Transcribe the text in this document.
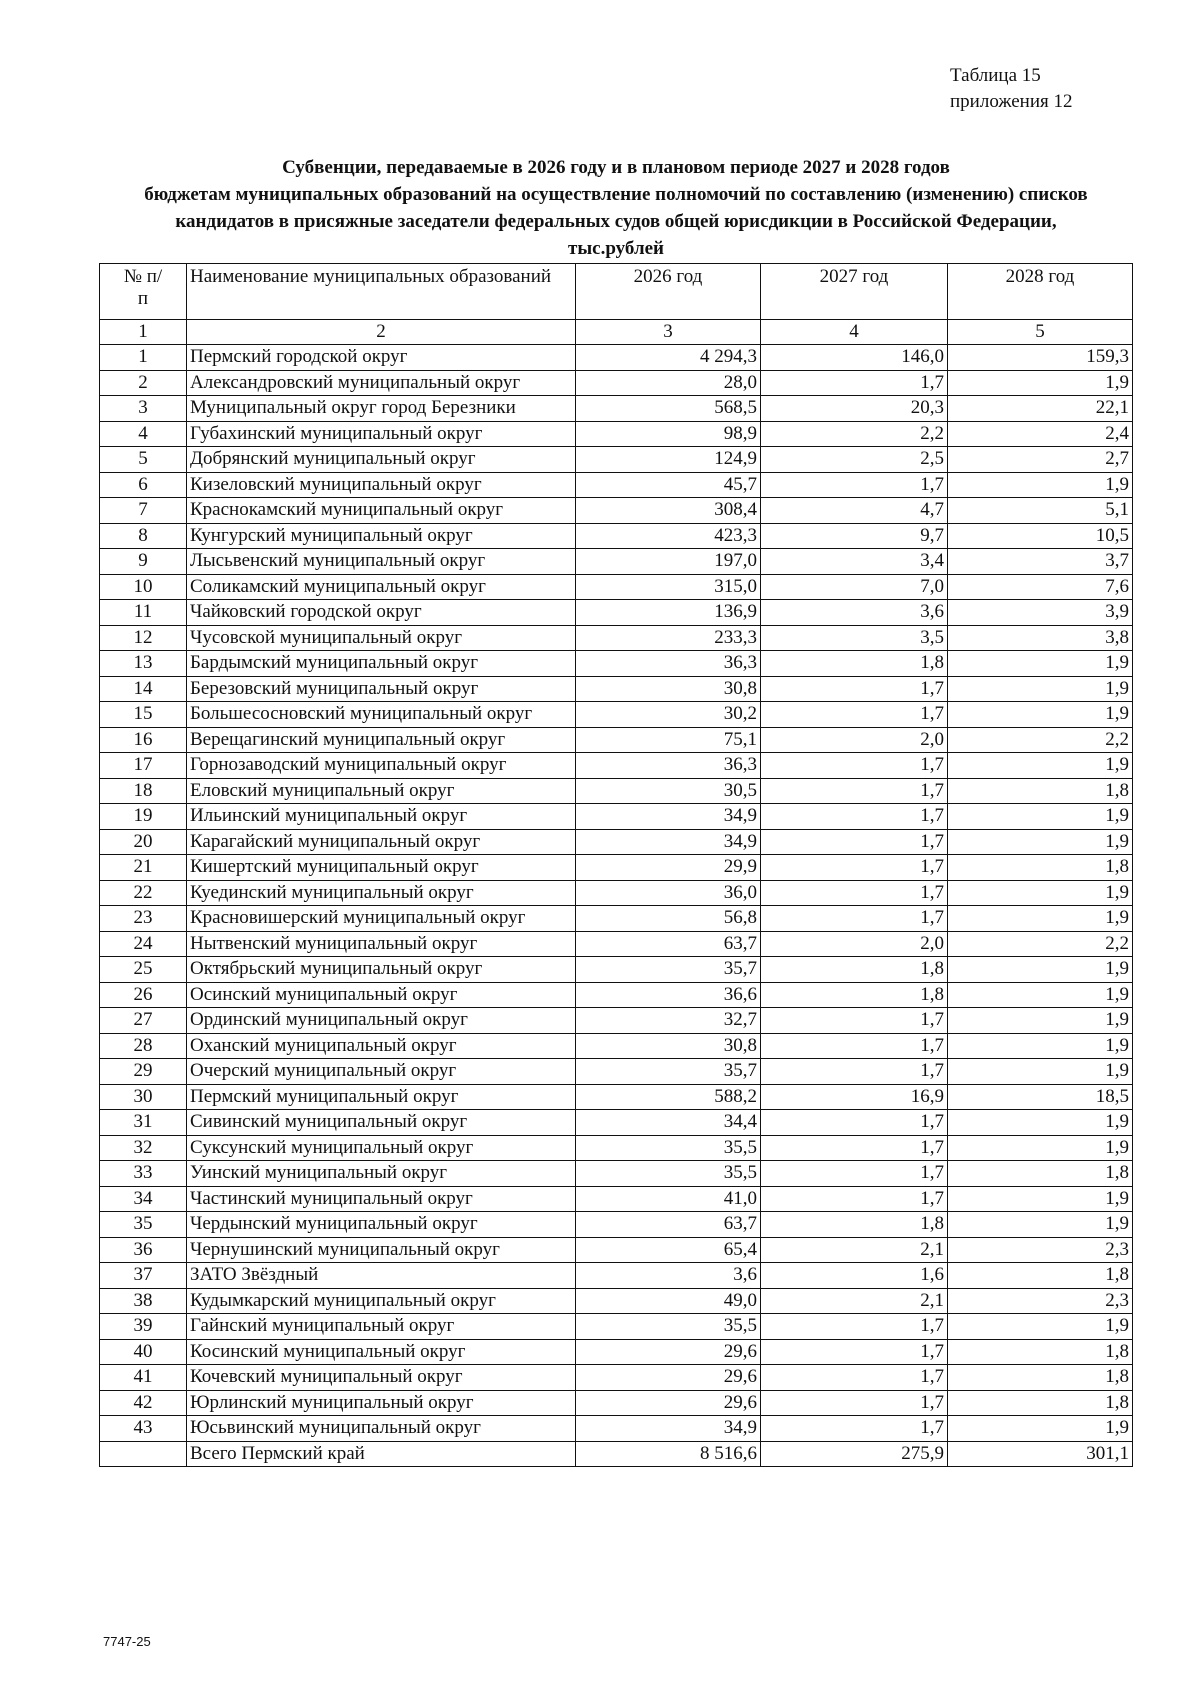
Таблица 15
приложения 12
Субвенции, передаваемые в 2026 году и в плановом периоде 2027 и 2028 годов
бюджетам муниципальных образований на осуществление полномочий по составлению (изменению) списков
кандидатов в присяжные заседатели федеральных судов общей юрисдикции в Российской Федерации,
тыс.рублей
№ п/п	Наименование муниципальных образований	2026 год	2027 год	2028 год
1	2	3	4	5
1	Пермский городской округ	4 294,3	146,0	159,3
2	Александровский муниципальный округ	28,0	1,7	1,9
3	Муниципальный округ город Березники	568,5	20,3	22,1
4	Губахинский муниципальный округ	98,9	2,2	2,4
5	Добрянский муниципальный округ	124,9	2,5	2,7
6	Кизеловский муниципальный округ	45,7	1,7	1,9
7	Краснокамский муниципальный округ	308,4	4,7	5,1
8	Кунгурский муниципальный округ	423,3	9,7	10,5
9	Лысьвенский муниципальный округ	197,0	3,4	3,7
10	Соликамский муниципальный округ	315,0	7,0	7,6
11	Чайковский городской округ	136,9	3,6	3,9
12	Чусовской муниципальный округ	233,3	3,5	3,8
13	Бардымский муниципальный округ	36,3	1,8	1,9
14	Березовский муниципальный округ	30,8	1,7	1,9
15	Большесосновский муниципальный округ	30,2	1,7	1,9
16	Верещагинский муниципальный округ	75,1	2,0	2,2
17	Горнозаводский муниципальный округ	36,3	1,7	1,9
18	Еловский муниципальный округ	30,5	1,7	1,8
19	Ильинский муниципальный округ	34,9	1,7	1,9
20	Карагайский муниципальный округ	34,9	1,7	1,9
21	Кишертский муниципальный округ	29,9	1,7	1,8
22	Куединский муниципальный округ	36,0	1,7	1,9
23	Красновишерский муниципальный округ	56,8	1,7	1,9
24	Нытвенский муниципальный округ	63,7	2,0	2,2
25	Октябрьский муниципальный округ	35,7	1,8	1,9
26	Осинский муниципальный округ	36,6	1,8	1,9
27	Ординский муниципальный округ	32,7	1,7	1,9
28	Оханский муниципальный округ	30,8	1,7	1,9
29	Очерский муниципальный округ	35,7	1,7	1,9
30	Пермский муниципальный округ	588,2	16,9	18,5
31	Сивинский муниципальный округ	34,4	1,7	1,9
32	Суксунский муниципальный округ	35,5	1,7	1,9
33	Уинский муниципальный округ	35,5	1,7	1,8
34	Частинский муниципальный округ	41,0	1,7	1,9
35	Чердынский муниципальный округ	63,7	1,8	1,9
36	Чернушинский муниципальный округ	65,4	2,1	2,3
37	ЗАТО Звёздный	3,6	1,6	1,8
38	Кудымкарский муниципальный округ	49,0	2,1	2,3
39	Гайнский муниципальный округ	35,5	1,7	1,9
40	Косинский муниципальный округ	29,6	1,7	1,8
41	Кочевский муниципальный округ	29,6	1,7	1,8
42	Юрлинский муниципальный округ	29,6	1,7	1,8
43	Юсьвинский муниципальный округ	34,9	1,7	1,9
	Всего Пермский край	8 516,6	275,9	301,1
7747-25
